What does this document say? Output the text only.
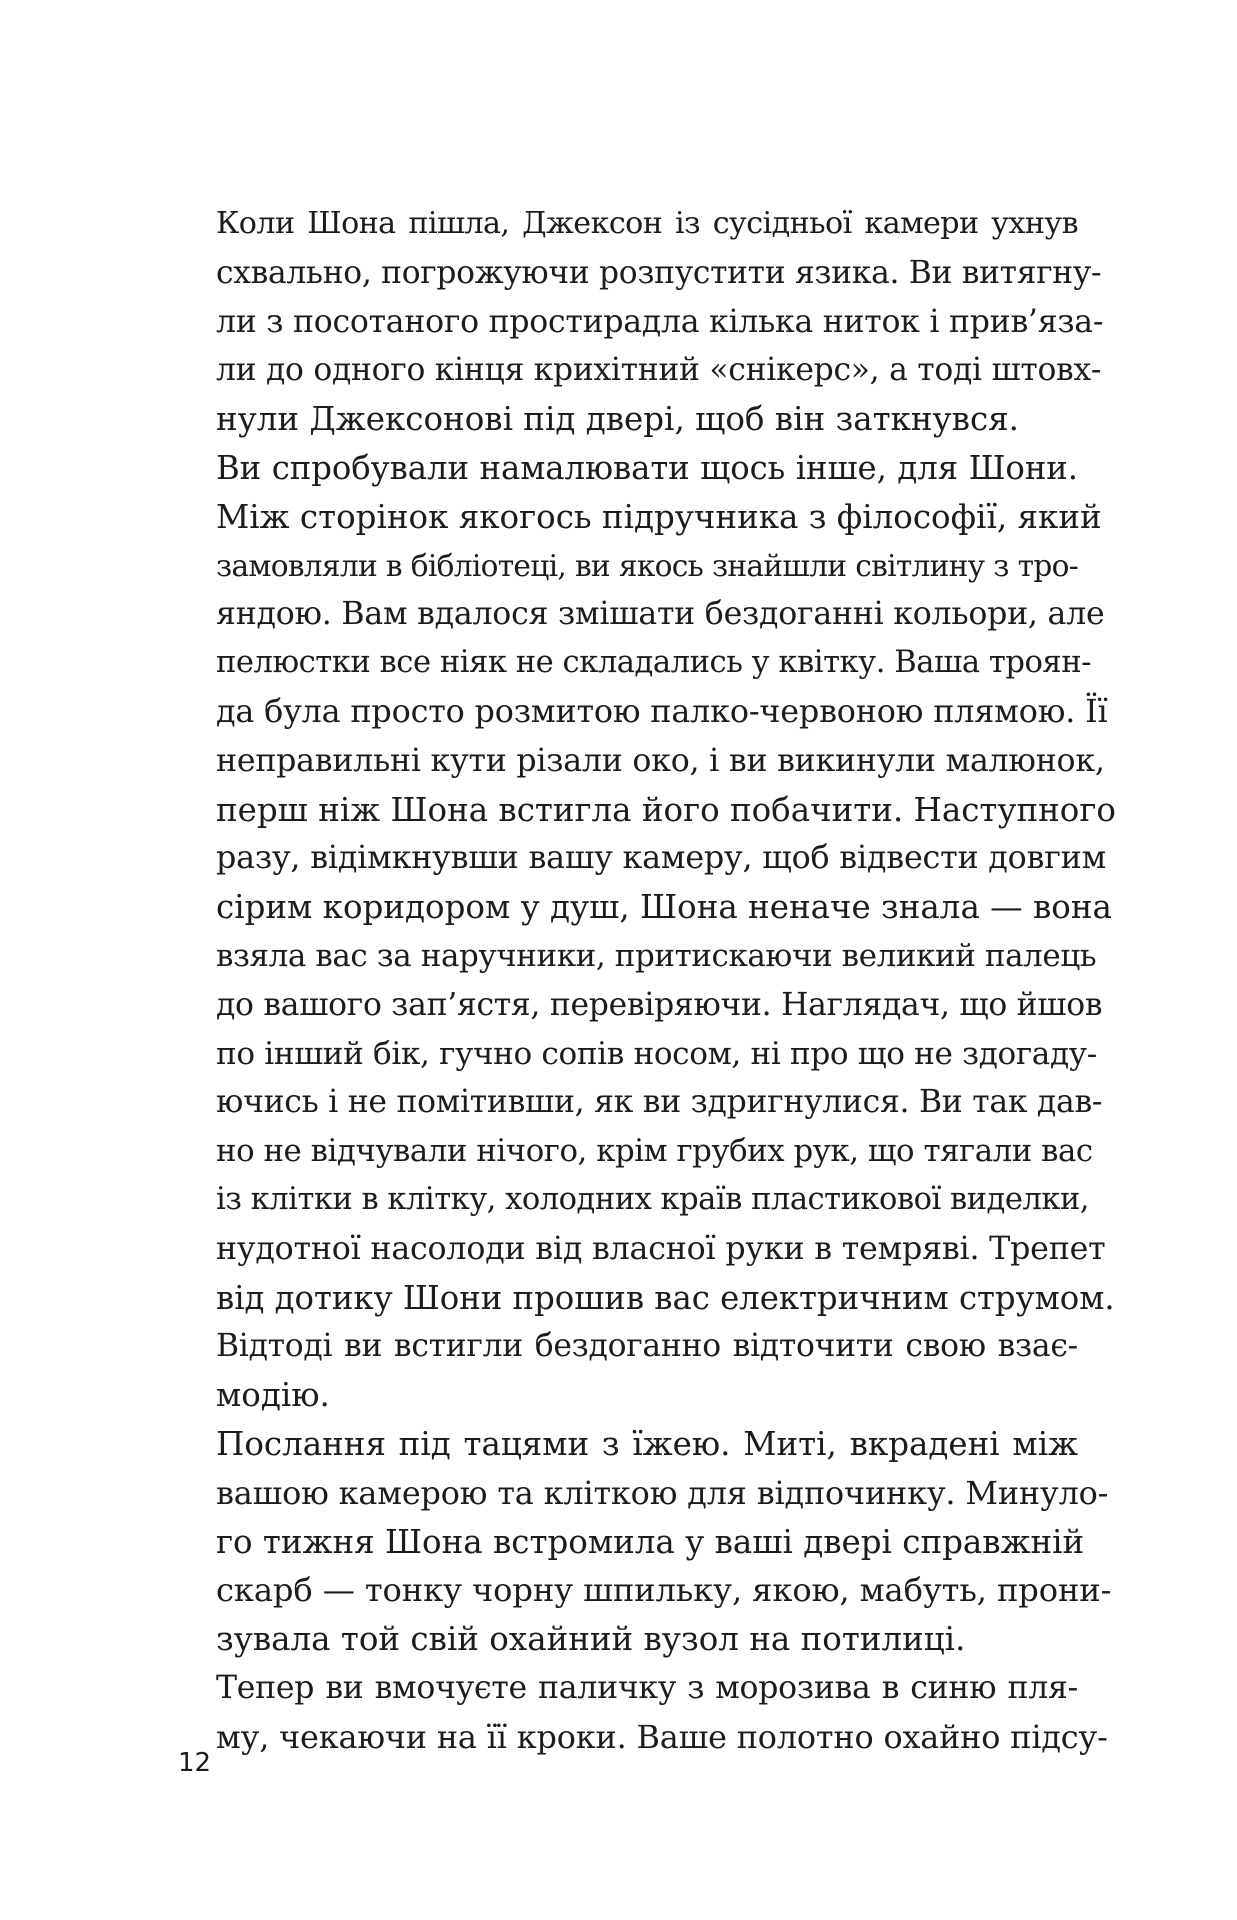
Коли Шона пішла, Джексон із сусідньої камери ухнув
схвально, погрожуючи розпустити язика. Ви витягну-
ли з посотаного простирадла кілька ниток і прив’яза-
ли до одного кінця крихітний «снікерс», а тоді штовх-
нули Джексонові під двері, щоб він заткнувся.

Ви спробували намалювати щось інше, для Шони.
Між сторінок якогось підручника з філософії, який
замовляли в бібліотеці, ви якось знайшли світлину з тро-
яндою. Вам вдалося змішати бездоганні кольори, але
пелюстки все ніяк не складались у квітку. Ваша троян-
да була просто розмитою палко-червоною плямою. Її
неправильні кути різали око, і ви викинули малюнок,
перш ніж Шона встигла його побачити. Наступного
разу, відімкнувши вашу камеру, щоб відвести довгим
сірим коридором у душ, Шона неначе знала — вона
взяла вас за наручники, притискаючи великий палець
до вашого зап’ястя, перевіряючи. Наглядач, що йшов
по інший бік, гучно сопів носом, ні про що не здогаду-
ючись і не помітивши, як ви здригнулися. Ви так дав-
но не відчували нічого, крім грубих рук, що тягали вас
із клітки в клітку, холодних країв пластикової виделки,
нудотної насолоди від власної руки в темряві. Трепет
від дотику Шони прошив вас електричним струмом.

Відтоді ви встигли бездоганно відточити свою взає-
модію.

Послання під тацями з їжею. Миті, вкрадені між
вашою камерою та кліткою для відпочинку. Минуло-
го тижня Шона встромила у ваші двері справжній
скарб — тонку чорну шпильку, якою, мабуть, прони-
зувала той свій охайний вузол на потилиці.

Тепер ви вмочуєте паличку з морозива в синю пля-
му, чекаючи на її кроки. Ваше полотно охайно підсу-

12
